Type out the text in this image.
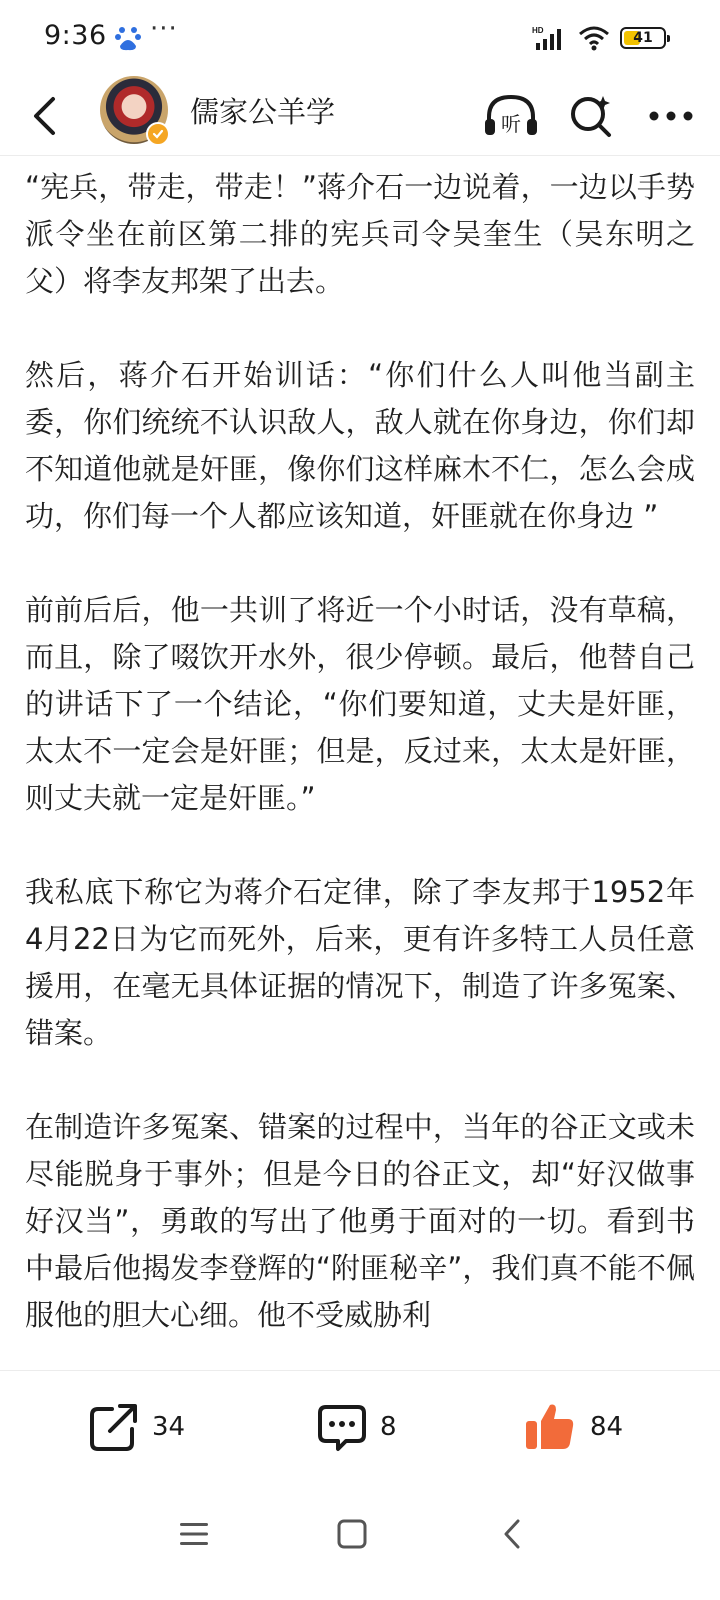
9:36 ···	HD	41
儒家公羊学	听

“宪兵，带走，带走！”蒋介石一边说着，一边以手势派令坐在前区第二排的宪兵司令吴奎生（吴东明之父）将李友邦架了出去。

然后，蒋介石开始训话：“你们什么人叫他当副主委，你们统统不认识敌人，敌人就在你身边，你们却不知道他就是奸匪，像你们这样麻木不仁，怎么会成功，你们每一个人都应该知道，奸匪就在你身边 ”

前前后后，他一共训了将近一个小时话，没有草稿，而且，除了啜饮开水外，很少停顿。最后，他替自己的讲话下了一个结论，“你们要知道，丈夫是奸匪，太太不一定会是奸匪；但是，反过来，太太是奸匪，则丈夫就一定是奸匪。”

我私底下称它为蒋介石定律，除了李友邦于1952年4月22日为它而死外，后来，更有许多特工人员任意援用，在毫无具体证据的情况下，制造了许多冤案、错案。

在制造许多冤案、错案的过程中，当年的谷正文或未尽能脱身于事外；但是今日的谷正文，却“好汉做事好汉当”，勇敢的写出了他勇于面对的一切。看到书中最后他揭发李登辉的“附匪秘辛”，我们真不能不佩服他的胆大心细。他不受威胁利

34	8	84
